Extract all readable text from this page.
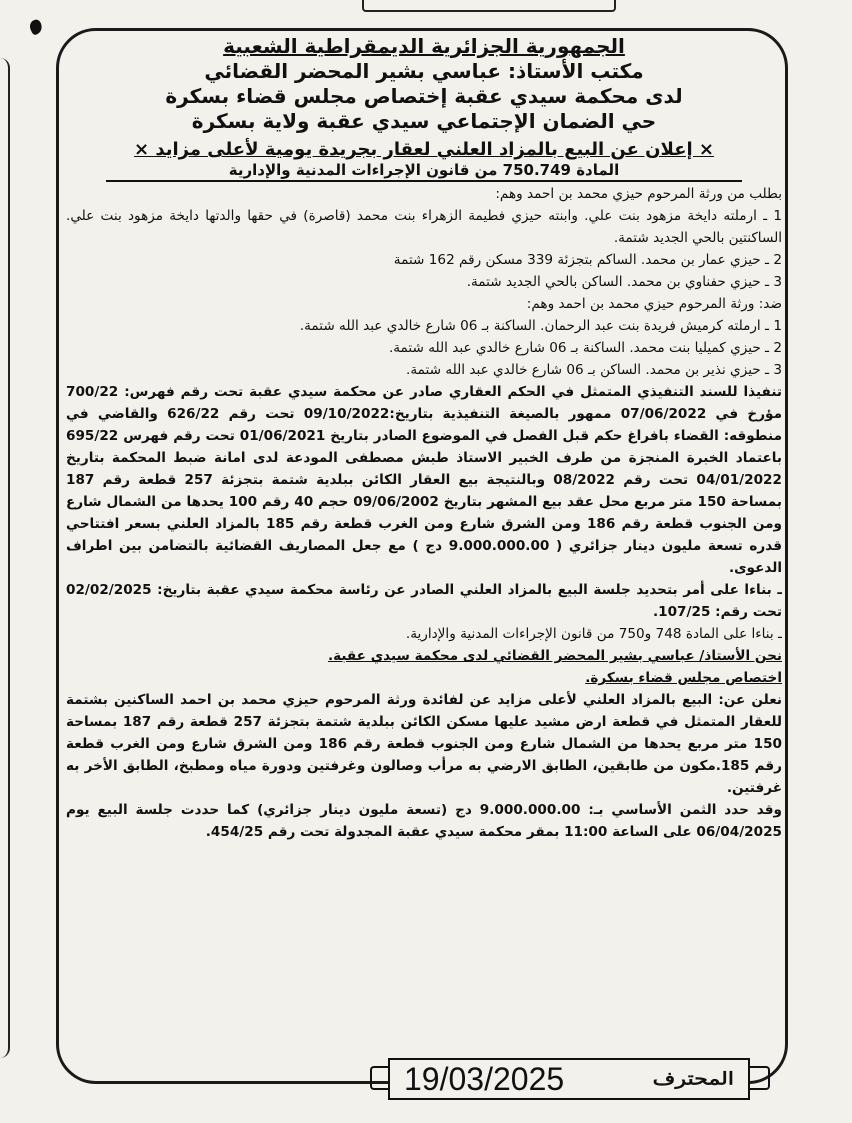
الجمهورية الجزائرية الديمقراطية الشعبية

مكتب الأستاذ: عباسي بشير المحضر القضائي

لدى محكمة سيدي عقبة إختصاص مجلس قضاء بسكرة

حي الضمان الإجتماعي سيدي عقبة ولاية بسكرة

× إعلان عن البيع بالمزاد العلني لعقار بجريدة يومية لأعلى مزايد ×
المادة 750.749 من قانون الإجراءات المدنية والإدارية

بطلب من ورثة المرحوم حيزي محمد بن احمد وهم:

1 ـ ارملته دايخة مزهود بنت علي. وابنته حيزي فطيمة الزهراء بنت محمد (قاصرة) في حقها والدتها دايخة مزهود بنت علي. الساكنتين بالحي الجديد شتمة.

2 ـ حيزي عمار بن محمد. الساكم بتجزئة 339 مسكن رقم 162 شتمة

3 ـ حيزي حفناوي بن محمد. الساكن بالحي الجديد شتمة.

ضد: ورثة المرحوم حيزي محمد بن احمد وهم:

1 ـ ارملته كرميش فريدة بنت عبد الرحمان. الساكنة بـ 06 شارع خالدي عبد الله شتمة.

2 ـ حيزي كميليا بنت محمد. الساكنة بـ 06 شارع خالدي عبد الله شتمة.

3 ـ حيزي نذير بن محمد. الساكن بـ 06 شارع خالدي عبد الله شتمة.

تنفيذا للسند التنفيذي المتمثل في الحكم العقاري صادر عن محكمة سيدي عقبة تحت رقم فهرس: 700/22 مؤرخ في 07/06/2022 ممهور بالصيغة التنفيذية بتاريخ:09/10/2022 تحت رقم 626/22 والقاضي في منطوقه: القضاء بافراغ حكم قبل الفصل في الموضوع الصادر بتاريخ 01/06/2021 تحت رقم فهرس 695/22 باعتماد الخبرة المنجزة من طرف الخبير الاستاذ طبش مصطفى المودعة لدى امانة ضبط المحكمة بتاريخ 04/01/2022 تحت رقم 08/2022 وبالنتيجة بيع العقار الكائن ببلدية شتمة بتجزئة 257 قطعة رقم 187 بمساحة 150 متر مربع محل عقد بيع المشهر بتاريخ 09/06/2002 حجم 40 رقم 100 يحدها من الشمال شارع ومن الجنوب قطعة رقم 186 ومن الشرق شارع ومن الغرب قطعة رقم 185 بالمزاد العلني بسعر افتتاحي قدره تسعة مليون دينار جزائري ( 9.000.000.00 دج ) مع جعل المصاريف القضائية بالتضامن بين اطراف الدعوى.

ـ بناءا على أمر بتحديد جلسة البيع بالمزاد العلني الصادر عن رئاسة محكمة سيدي عقبة بتاريخ: 02/02/2025 تحت رقم: 107/25.

ـ بناءا على المادة 748 و750 من قانون الإجراءات المدنية والإدارية.

نحن الأستاذ/ عباسي بشير المحضر القضائي لدى محكمة سيدي عقبة.

اختصاص مجلس قضاء بسكرة.

نعلن عن: البيع بالمزاد العلني لأعلى مزايد عن لفائدة ورثة المرحوم حيزي محمد بن احمد الساكنين بشتمة للعقار المتمثل في قطعة ارض مشيد عليها مسكن الكائن ببلدية شتمة بتجزئة 257 قطعة رقم 187 بمساحة 150 متر مربع يحدها من الشمال شارع ومن الجنوب قطعة رقم 186 ومن الشرق شارع ومن الغرب قطعة رقم 185.مكون من طابقين، الطابق الارضي به مرأب وصالون وغرفتين ودورة مياه ومطبخ، الطابق الأخر به غرفتين.

وقد حدد الثمن الأساسي بـ: 9.000.000.00 دج (تسعة مليون دينار جزائري) كما حددت جلسة البيع يوم 06/04/2025 على الساعة 11:00 بمقر محكمة سيدي عقبة المجدولة تحت رقم 454/25.

19/03/2025	المحترف
